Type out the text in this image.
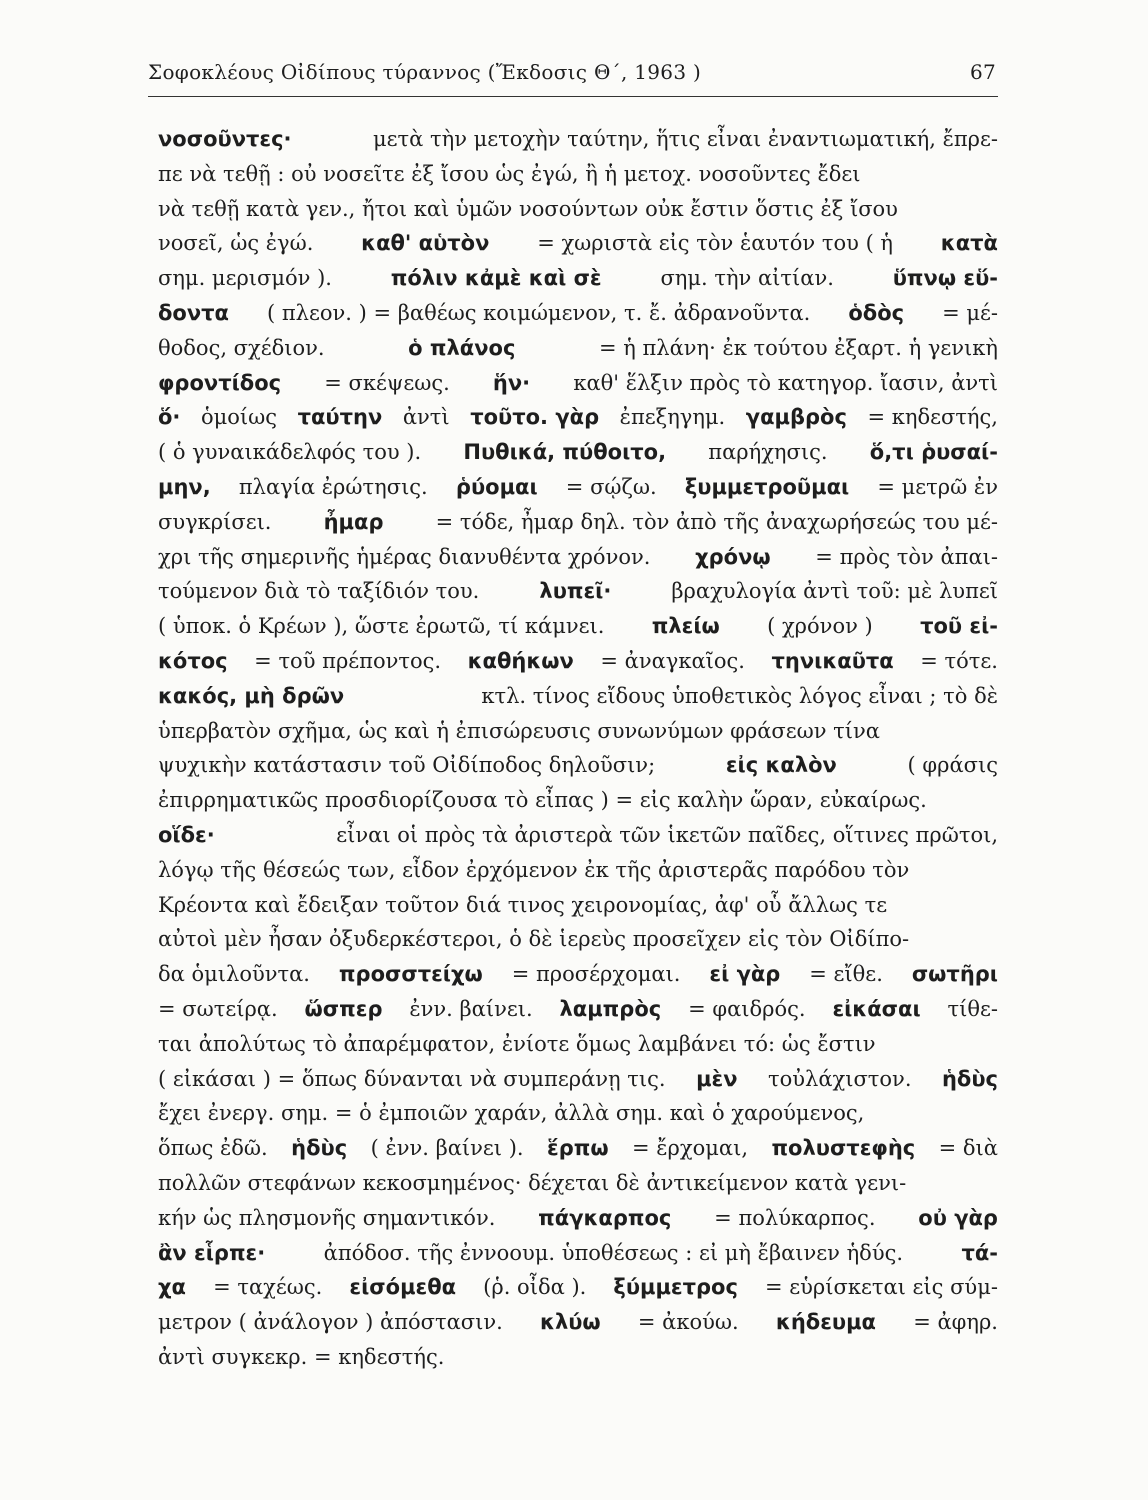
Σοφοκλέους Οἰδίπους τύραννος (Ἔκδοσις Θ΄, 1963 )	67
νοσοῦντες·	μετὰ τὴν μετοχὴν ταύτην, ἥτις εἶναι ἐναντιωματική, ἔπρε-
πε νὰ τεθῇ : οὐ νοσεῖτε ἐξ ἴσου ὡς ἐγώ, ἢ ἡ μετοχ. νοσοῦντες ἔδει
νὰ τεθῇ κατὰ γεν., ἤτοι καὶ ὑμῶν νοσούντων οὐκ ἔστιν ὅστις ἐξ ἴσου
νοσεῖ, ὡς ἐγώ. καθ' αὑτὸν = χωριστὰ εἰς τὸν ἑαυτόν του ( ἡ κατὰ
σημ. μερισμόν ).	πόλιν κἀμὲ καὶ σὲ	σημ. τὴν αἰτίαν.	ὕπνῳ εὕ-
δοντα ( πλεον. ) = βαθέως κοιμώμενον, τ. ἔ. ἀδρανοῦντα. ὁδὸς = μέ-
θοδος, σχέδιον.	ὁ πλάνος	= ἡ πλάνη· ἐκ τούτου ἐξαρτ. ἡ γενικὴ
φροντίδος = σκέψεως. ἥν· καθ' ἕλξιν πρὸς τὸ κατηγορ. ἴασιν, ἀντὶ
ὅ· ὁμοίως ταύτην ἀντὶ τοῦτο. γὰρ ἐπεξηγημ. γαμβρὸς = κηδεστής,
( ὁ γυναικάδελφός του ). Πυθικά, πύθοιτο, παρήχησις. ὅ,τι ῥυσαί-
μην, πλαγία ἐρώτησις. ῥύομαι = σῴζω. ξυμμετροῦμαι = μετρῶ ἐν
συγκρίσει. ἦμαρ = τόδε, ἦμαρ δηλ. τὸν ἀπὸ τῆς ἀναχωρήσεώς του μέ-
χρι τῆς σημερινῆς ἡμέρας διανυθέντα χρόνον. χρόνῳ = πρὸς τὸν ἀπαι-
τούμενον διὰ τὸ ταξίδιόν του.	λυπεῖ·	βραχυλογία ἀντὶ τοῦ: μὲ λυπεῖ
( ὑποκ. ὁ Κρέων ), ὥστε ἐρωτῶ, τί κάμνει. πλείω ( χρόνον ) τοῦ εἰ-
κότος = τοῦ πρέποντος. καθήκων = ἀναγκαῖος. τηνικαῦτα = τότε.
κακός, μὴ δρῶν	κτλ. τίνος εἴδους ὑποθετικὸς λόγος εἶναι ; τὸ δὲ
ὑπερβατὸν σχῆμα, ὡς καὶ ἡ ἐπισώρευσις συνωνύμων φράσεων τίνα
ψυχικὴν κατάστασιν τοῦ Οἰδίποδος δηλοῦσιν;	εἰς καλὸν	( φράσις
ἐπιρρηματικῶς προσδιορίζουσα τὸ εἶπας ) = εἰς καλὴν ὥραν, εὐκαίρως.
οἵδε·	εἶναι οἱ πρὸς τὰ ἀριστερὰ τῶν ἱκετῶν παῖδες, οἵτινες πρῶτοι,
λόγῳ τῆς θέσεώς των, εἶδον ἐρχόμενον ἐκ τῆς ἀριστερᾶς παρόδου τὸν
Κρέοντα καὶ ἔδειξαν τοῦτον διά τινος χειρονομίας, ἀφ' οὗ ἄλλως τε
αὐτοὶ μὲν ἦσαν ὀξυδερκέστεροι, ὁ δὲ ἱερεὺς προσεῖχεν εἰς τὸν Οἰδίπο-
δα ὁμιλοῦντα. προσστείχω = προσέρχομαι. εἰ γὰρ = εἴθε. σωτῆρι
= σωτείρᾳ. ὥσπερ ἐνν. βαίνει. λαμπρὸς = φαιδρός. εἰκάσαι τίθε-
ται ἀπολύτως τὸ ἀπαρέμφατον, ἐνίοτε ὅμως λαμβάνει τό: ὡς ἔστιν
( εἰκάσαι ) = ὅπως δύνανται νὰ συμπεράνῃ τις. μὲν τοὐλάχιστον. ἡδὺς
ἔχει ἐνεργ. σημ. = ὁ ἐμποιῶν χαράν, ἀλλὰ σημ. καὶ ὁ χαρούμενος,
ὅπως ἐδῶ. ἡδὺς ( ἐνν. βαίνει ). ἕρπω = ἔρχομαι, πολυστεφὴς = διὰ
πολλῶν στεφάνων κεκοσμημένος· δέχεται δὲ ἀντικείμενον κατὰ γενι-
κήν ὡς πλησμονῆς σημαντικόν. πάγκαρπος = πολύκαρπος. οὐ γὰρ
ἂν εἷρπε·	ἀπόδοσ. τῆς ἐννοουμ. ὑποθέσεως : εἰ μὴ ἔβαινεν ἡδύς.	τά-
χα = ταχέως. εἰσόμεθα (ῥ. οἶδα ). ξύμμετρος = εὑρίσκεται εἰς σύμ-
μετρον ( ἀνάλογον ) ἀπόστασιν. κλύω = ἀκούω. κήδευμα = ἀφηρ.
ἀντὶ συγκεκρ. = κηδεστής.
